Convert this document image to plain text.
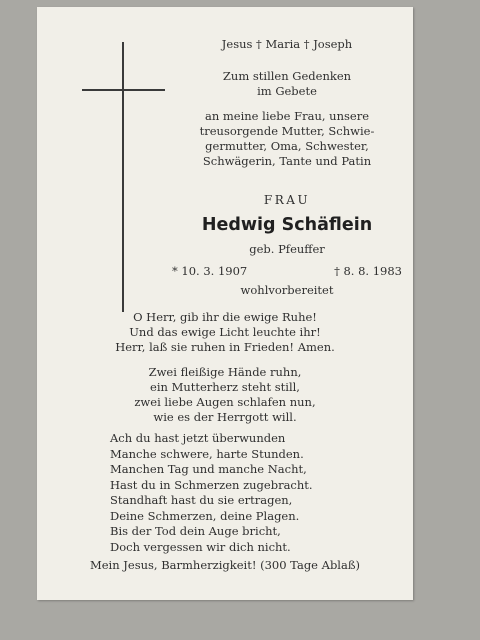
Jesus † Maria † Joseph
Zum stillen Gedenken
im Gebete
an meine liebe Frau, unsere
treusorgende Mutter, Schwie-
germutter, Oma, Schwester,
Schwägerin, Tante und Patin
FRAU
Hedwig Schäflein
geb. Pfeuffer
* 10. 3. 1907	† 8. 8. 1983
wohlvorbereitet
O Herr, gib ihr die ewige Ruhe!
Und das ewige Licht leuchte ihr!
Herr, laß sie ruhen in Frieden! Amen.
Zwei fleißige Hände ruhn,
ein Mutterherz steht still,
zwei liebe Augen schlafen nun,
wie es der Herrgott will.
Ach du hast jetzt überwunden
Manche schwere, harte Stunden.
Manchen Tag und manche Nacht,
Hast du in Schmerzen zugebracht.
Standhaft hast du sie ertragen,
Deine Schmerzen, deine Plagen.
Bis der Tod dein Auge bricht,
Doch vergessen wir dich nicht.
Mein Jesus, Barmherzigkeit! (300 Tage Ablaß)
